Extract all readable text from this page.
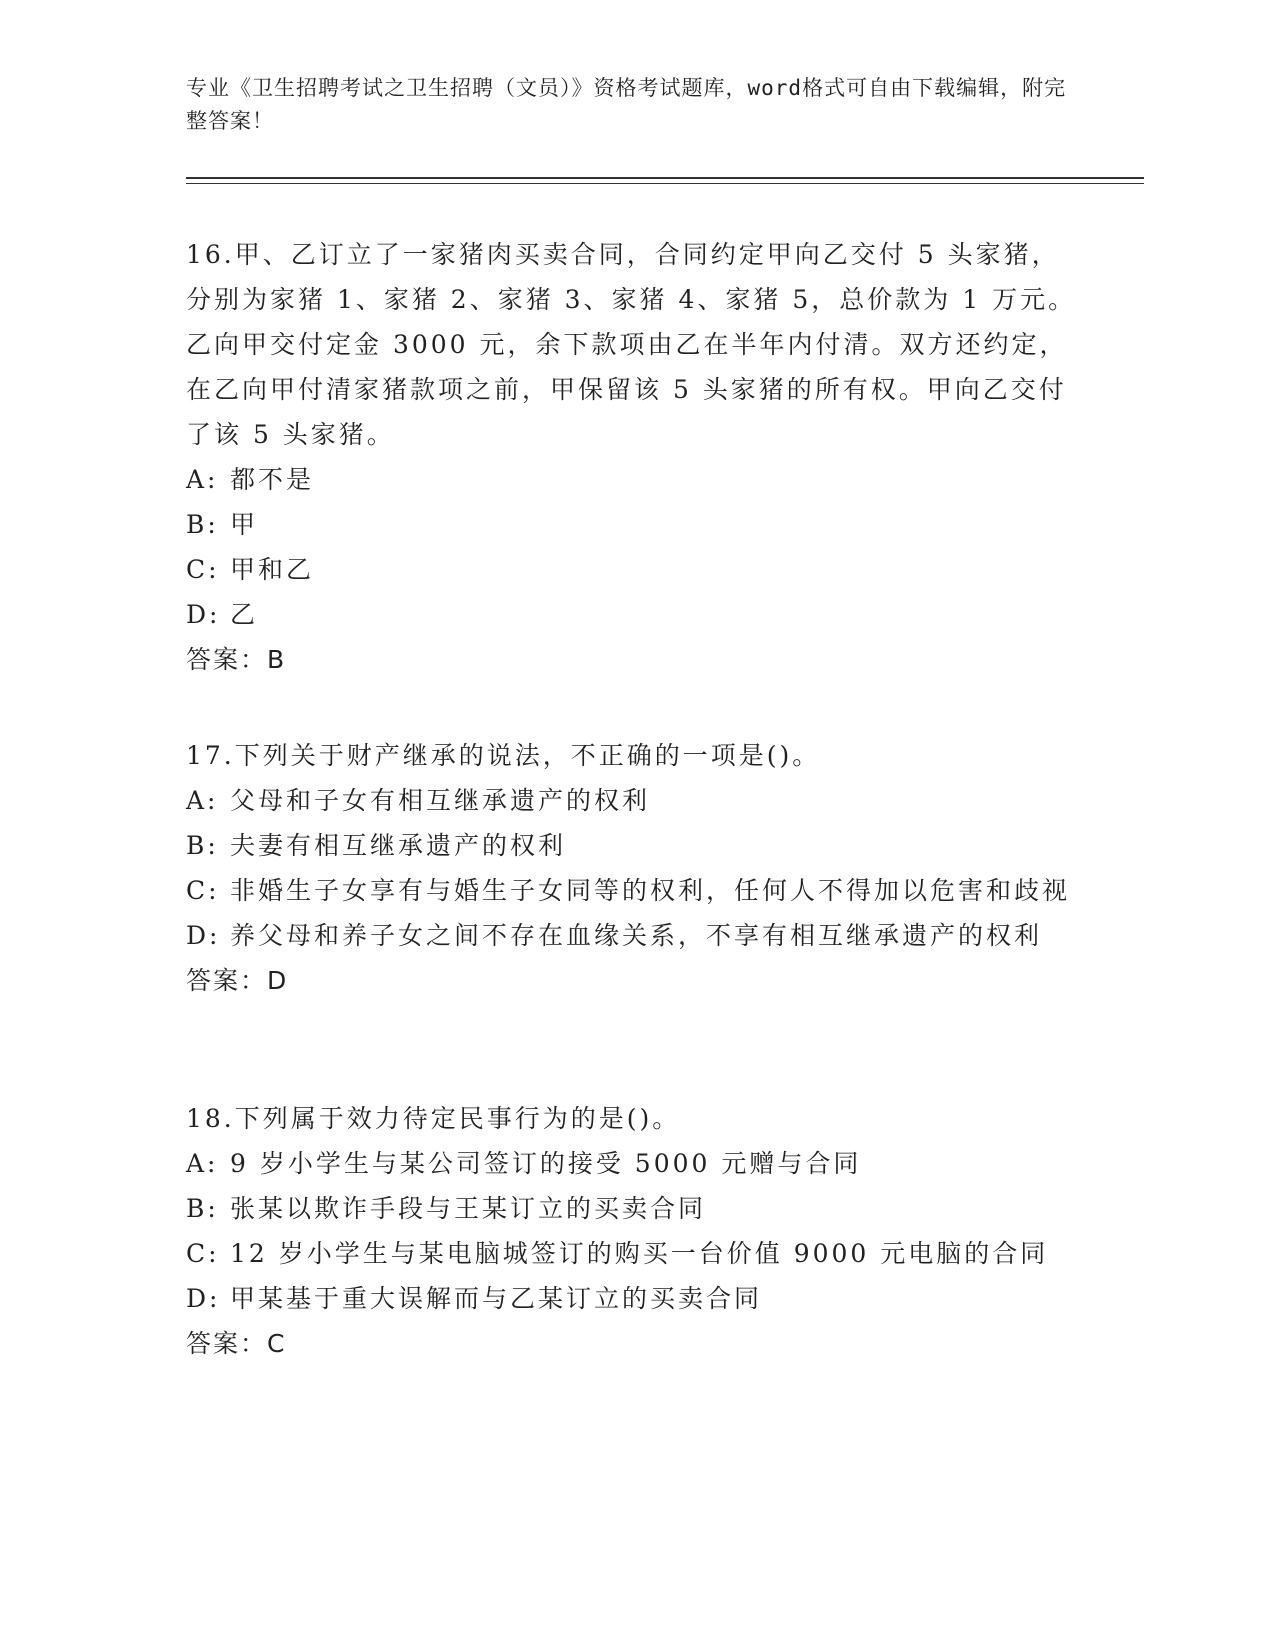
专业《卫生招聘考试之卫生招聘（文员）》资格考试题库，word格式可自由下载编辑，附完整答案！

16.甲、乙订立了一家猪肉买卖合同，合同约定甲向乙交付 5 头家猪，分别为家猪 1、家猪 2、家猪 3、家猪 4、家猪 5，总价款为 1 万元。乙向甲交付定金 3000 元，余下款项由乙在半年内付清。双方还约定，在乙向甲付清家猪款项之前，甲保留该 5 头家猪的所有权。甲向乙交付了该 5 头家猪。

A: 都不是

B: 甲

C: 甲和乙

D: 乙

答案：B

17.下列关于财产继承的说法，不正确的一项是()。

A: 父母和子女有相互继承遗产的权利

B: 夫妻有相互继承遗产的权利

C: 非婚生子女享有与婚生子女同等的权利，任何人不得加以危害和歧视

D: 养父母和养子女之间不存在血缘关系，不享有相互继承遗产的权利

答案：D

18.下列属于效力待定民事行为的是()。

A: 9 岁小学生与某公司签订的接受 5000 元赠与合同

B: 张某以欺诈手段与王某订立的买卖合同

C: 12 岁小学生与某电脑城签订的购买一台价值 9000 元电脑的合同

D: 甲某基于重大误解而与乙某订立的买卖合同

答案：C
